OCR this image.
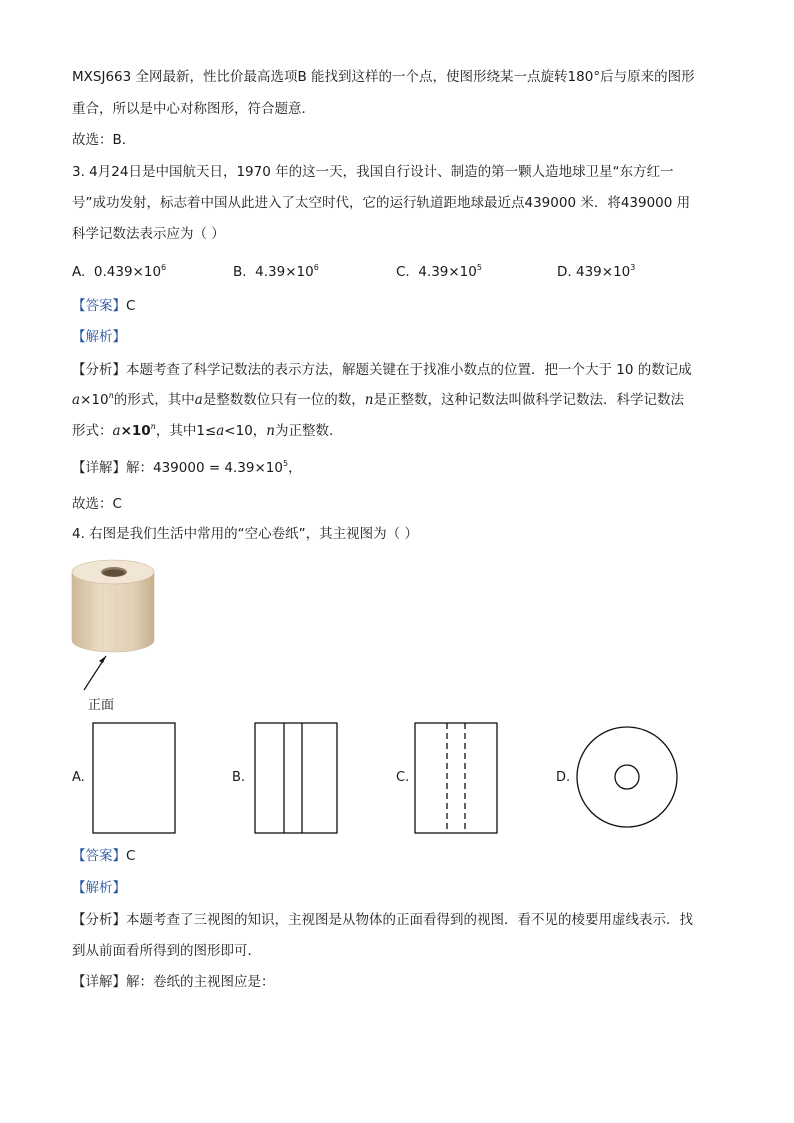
MXSJ663 全网最新，性比价最高选项B 能找到这样的一个点，使图形绕某一点旋转180°后与原来的图形
重合，所以是中心对称图形，符合题意．
故选：B．
3. 4月24日是中国航天日，1970 年的这一天，我国自行设计、制造的第一颗人造地球卫星“东方红一
号”成功发射，标志着中国从此进入了太空时代，它的运行轨道距地球最近点439000 米．将439000 用
科学记数法表示应为（ ）
A. $0.439\times 10^6$	B. $4.39\times 10^6$	C. $4.39\times 10^5$	D. $439\times 10^3$
【答案】C
【解析】
【分析】本题考查了科学记数法的表示方法，解题关键在于找准小数点的位置．把一个大于 10 的数记成
$a\times 10^n$的形式，其中a是整数数位只有一位的数，n是正整数，这种记数法叫做科学记数法．科学记数法
形式：$a\times 10^n$，其中1≤a<10，n为正整数．
【详解】解：$439000 = 4.39\times 10^5$，
故选：C
4. 右图是我们生活中常用的“空心卷纸”，其主视图为（ ）
正面
A.	B.	C.	D.
【答案】C
【解析】
【分析】本题考查了三视图的知识，主视图是从物体的正面看得到的视图．看不见的棱要用虚线表示．找
到从前面看所得到的图形即可．
【详解】解：卷纸的主视图应是：
